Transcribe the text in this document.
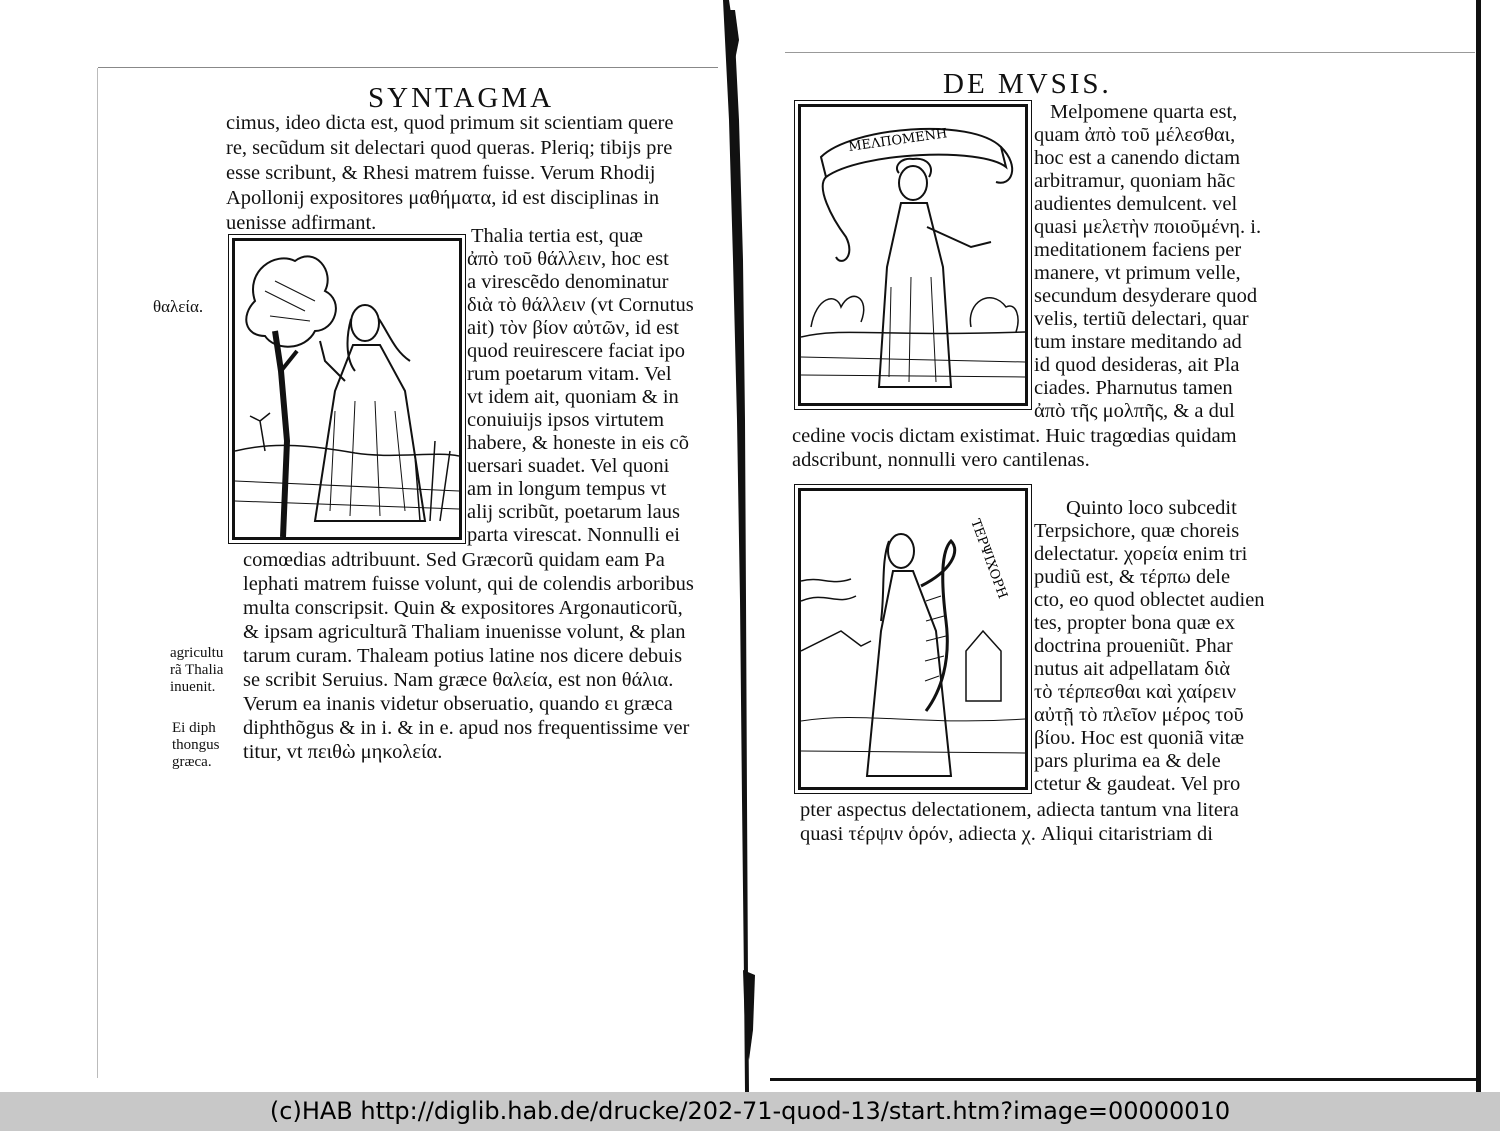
SYNTAGMA
cimus, ideo dicta est, quod primum sit scientiam quere
re, secũdum sit delectari quod queras. Pleriq; tibijs pre
esse scribunt, & Rhesi matrem fuisse. Verum Rhodij
Apollonij expositores μαθήματα, id est disciplinas in
uenisse adfirmant.
Thalia tertia est, quæ
ἀπὸ τοῦ θάλλειν, hoc est
a virescẽdo denominatur
διὰ τὸ θάλλειν (vt Cornutus
ait) τὸν βίον αὐτῶν, id est
quod reuirescere faciat ipo
rum poetarum vitam. Vel
vt idem ait, quoniam & in
conuiuijs ipsos virtutem
habere, & honeste in eis cõ
uersari suadet. Vel quoni
am in longum tempus vt
alij scribũt, poetarum laus
parta virescat. Nonnulli ei
comœdias adtribuunt. Sed Græcorũ quidam eam Pa
lephati matrem fuisse volunt, qui de colendis arboribus
multa conscripsit. Quin & expositores Argonauticorũ,
& ipsam agriculturã Thaliam inuenisse volunt, & plan
tarum curam. Thaleam potius latine nos dicere debuis
se scribit Seruius. Nam græce θαλεία, est non θάλια.
Verum ea inanis videtur obseruatio, quando ει græca
diphthõgus & in i. & in e. apud nos frequentissime ver
titur, vt πειθὼ μηκολεία.
θαλεία.
agricultu
rã Thalia
inuenit.
Ei diph
thongus
græca.
DE MVSIS.
ΜΕΛΠΟΜΕΝΗ
Melpomene quarta est,
quam ἀπὸ τοῦ μέλεσθαι,
hoc est a canendo dictam
arbitramur, quoniam hãc
audientes demulcent. vel
quasi μελετὴν ποιοῦμένη. i.
meditationem faciens per
manere, vt primum velle,
secundum desyderare quod
velis, tertiũ delectari, quar
tum instare meditando ad
id quod desideras, ait Pla
ciades. Pharnutus tamen
ἀπὸ τῆς μολπῆς, & a dul
cedine vocis dictam existimat. Huic tragœdias quidam
adscribunt, nonnulli vero cantilenas.
ΤΕΡΨΙΧΟΡΗ
Quinto loco subcedit
Terpsichore, quæ choreis
delectatur. χορεία enim tri
pudiũ est, & τέρπω dele
cto, eo quod oblectet audien
tes, propter bona quæ ex
doctrina proueniũt. Phar
nutus ait adpellatam διὰ
τὸ τέρπεσθαι καὶ χαίρειν
αὐτῇ τὸ πλεῖον μέρος τοῦ
βίου. Hoc est quoniã vitæ
pars plurima ea & dele
ctetur & gaudeat. Vel pro
pter aspectus delectationem, adiecta tantum vna litera
quasi τέρψιν ὁρόν, adiecta χ. Aliqui citaristriam di
(c)HAB http://diglib.hab.de/drucke/202-71-quod-13/start.htm?image=00000010
